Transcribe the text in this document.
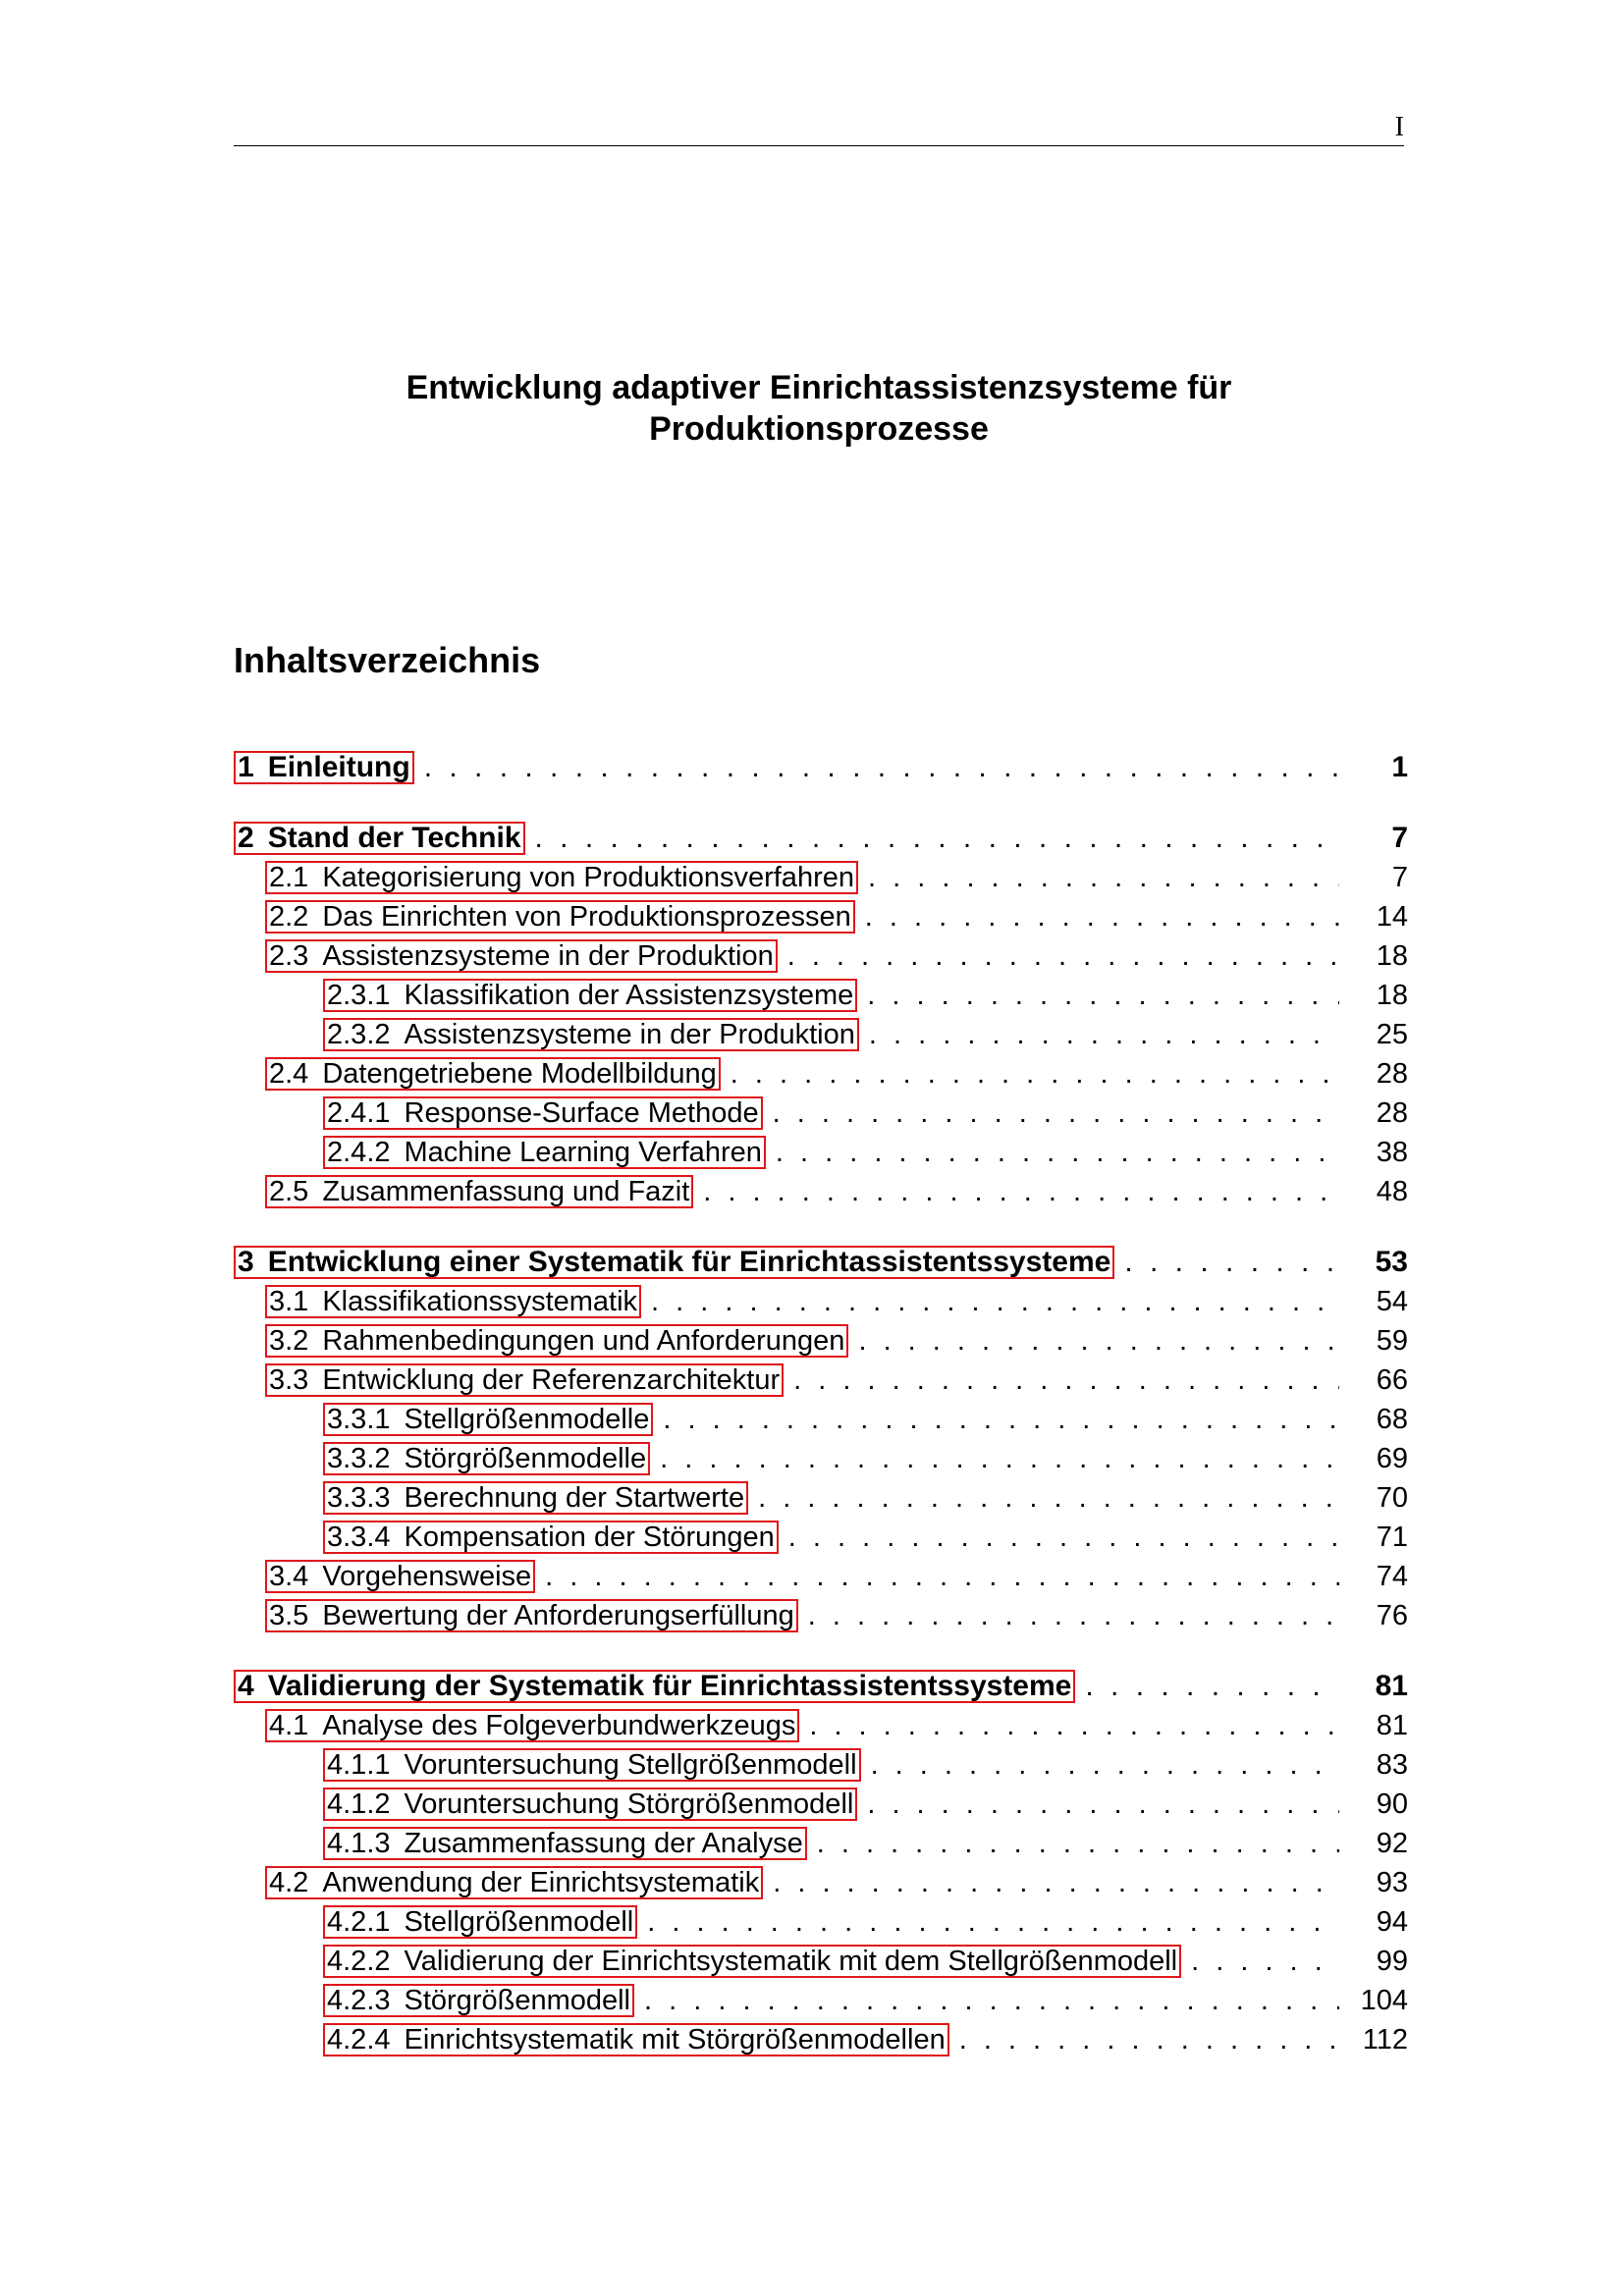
I
Entwicklung adaptiver Einrichtassistenzsysteme für
Produktionsprozesse
Inhaltsverzeichnis
1 Einleitung . . .	1
2 Stand der Technik . . .	7
2.1 Kategorisierung von Produktionsverfahren . . .	7
2.2 Das Einrichten von Produktionsprozessen . . .	14
2.3 Assistenzsysteme in der Produktion . . .	18
2.3.1 Klassifikation der Assistenzsysteme . . .	18
2.3.2 Assistenzsysteme in der Produktion . . .	25
2.4 Datengetriebene Modellbildung . . .	28
2.4.1 Response-Surface Methode . . .	28
2.4.2 Machine Learning Verfahren . . .	38
2.5 Zusammenfassung und Fazit . . .	48
3 Entwicklung einer Systematik für Einrichtassistentssysteme . . .	53
3.1 Klassifikationssystematik . . .	54
3.2 Rahmenbedingungen und Anforderungen . . .	59
3.3 Entwicklung der Referenzarchitektur . . .	66
3.3.1 Stellgrößenmodelle . . .	68
3.3.2 Störgrößenmodelle . . .	69
3.3.3 Berechnung der Startwerte . . .	70
3.3.4 Kompensation der Störungen . . .	71
3.4 Vorgehensweise . . .	74
3.5 Bewertung der Anforderungserfüllung . . .	76
4 Validierung der Systematik für Einrichtassistentssysteme . . .	81
4.1 Analyse des Folgeverbundwerkzeugs . . .	81
4.1.1 Voruntersuchung Stellgrößenmodell . . .	83
4.1.2 Voruntersuchung Störgrößenmodell . . .	90
4.1.3 Zusammenfassung der Analyse . . .	92
4.2 Anwendung der Einrichtsystematik . . .	93
4.2.1 Stellgrößenmodell . . .	94
4.2.2 Validierung der Einrichtsystematik mit dem Stellgrößenmodell . . .	99
4.2.3 Störgrößenmodell . . .	104
4.2.4 Einrichtsystematik mit Störgrößenmodellen . . .	112
